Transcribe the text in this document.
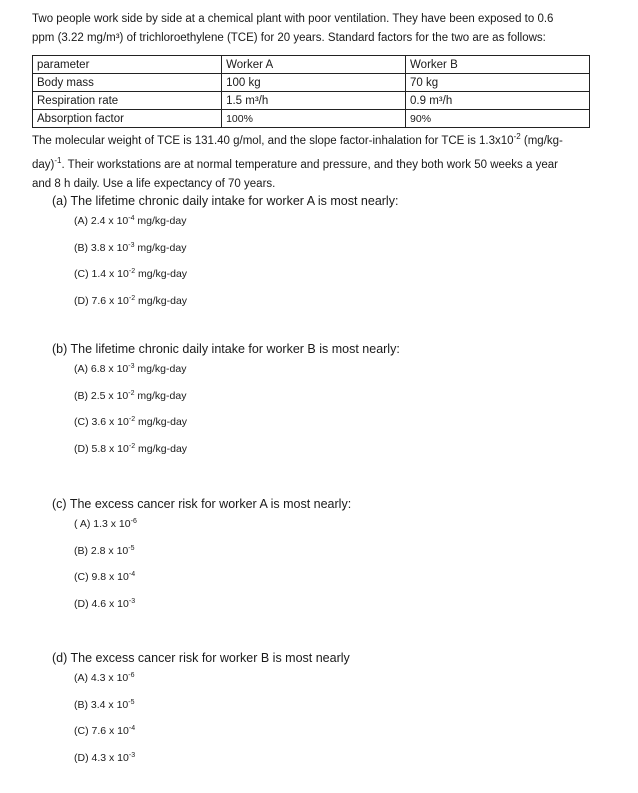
Two people work side by side at a chemical plant with poor ventilation. They have been exposed to 0.6
ppm (3.22 mg/m³) of trichloroethylene (TCE) for 20 years. Standard factors for the two are as follows:
parameter	Worker A	Worker B
Body mass	100 kg	70 kg
Respiration rate	1.5 m³/h	0.9 m³/h
Absorption factor	100%	90%
The molecular weight of TCE is 131.40 g/mol, and the slope factor-inhalation for TCE is $1.3x10^{-2}$ (mg/kg-
day)$^{-1}$. Their workstations are at normal temperature and pressure, and they both work 50 weeks a year
and 8 h daily. Use a life expectancy of 70 years.
(a) The lifetime chronic daily intake for worker A is most nearly:
(A) 2.4 x $10^{-4}$ mg/kg-day
(B) 3.8 x $10^{-3}$ mg/kg-day
(C) 1.4 x $10^{-2}$ mg/kg-day
(D) 7.6 x $10^{-2}$ mg/kg-day
(b) The lifetime chronic daily intake for worker B is most nearly:
(A) 6.8 x $10^{-3}$ mg/kg-day
(B) 2.5 x $10^{-2}$ mg/kg-day
(C) 3.6 x $10^{-2}$ mg/kg-day
(D) 5.8 x $10^{-2}$ mg/kg-day
(c) The excess cancer risk for worker A is most nearly:
( A) 1.3 x $10^{-6}$
(B) 2.8 x $10^{-5}$
(C) 9.8 x $10^{-4}$
(D) 4.6 x $10^{-3}$
(d) The excess cancer risk for worker B is most nearly
(A) 4.3 x $10^{-6}$
(B) 3.4 x $10^{-5}$
(C) 7.6 x $10^{-4}$
(D) 4.3 x $10^{-3}$
